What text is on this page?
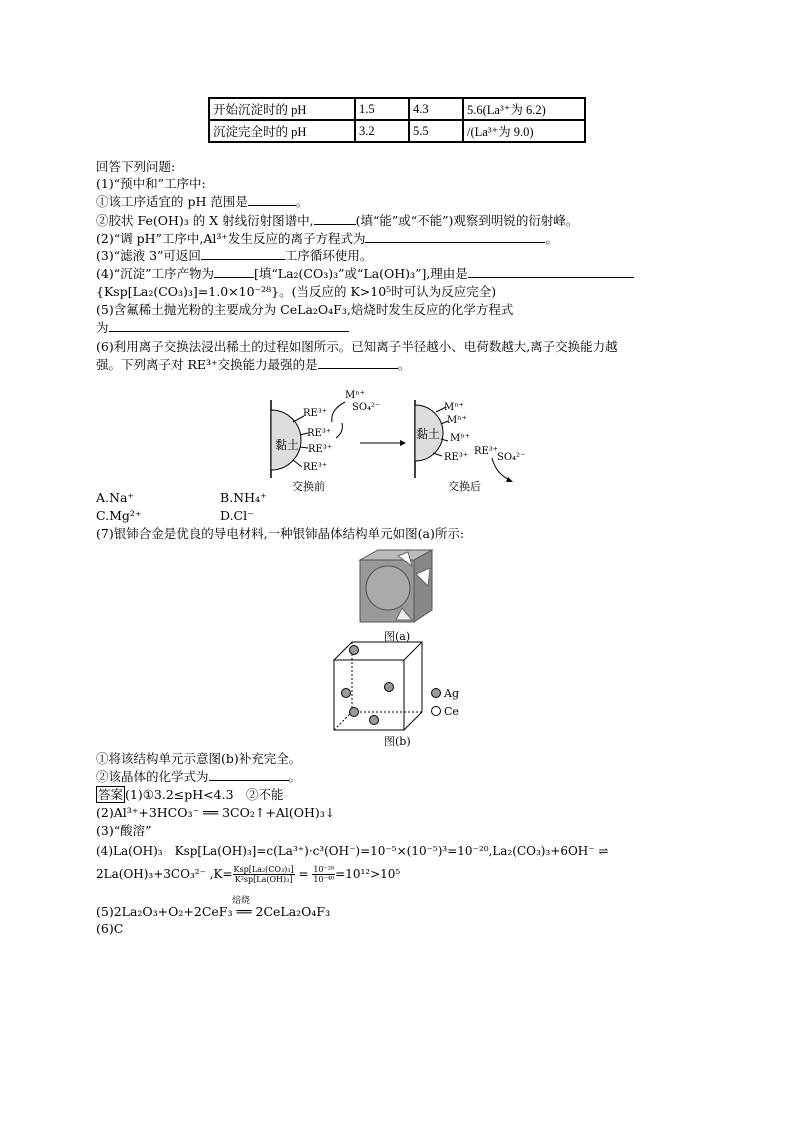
开始沉淀时的 pH	1.5	4.3	5.6(La³⁺为 6.2)
沉淀完全时的 pH	3.2	5.5	/(La³⁺为 9.0)
回答下列问题:
(1)“预中和”工序中:
①该工序适宜的 pH 范围是	。
②胶状 Fe(OH)₃ 的 X 射线衍射图谱中,	(填“能”或“不能”)观察到明锐的衍射峰。
(2)“调 pH”工序中,Al³⁺发生反应的离子方程式为	。
(3)“滤液 3”可返回	工序循环使用。
(4)“沉淀”工序产物为	[填“La₂(CO₃)₃”或“La(OH)₃”],理由是
{Ksp[La₂(CO₃)₃]=1.0×10⁻²⁸}。(当反应的 K>10⁵时可认为反应完全)
(5)含氟稀土抛光粉的主要成分为 CeLa₂O₄F₃,焙烧时发生反应的化学方程式
为
(6)利用离子交换法浸出稀土的过程如图所示。已知离子半径越小、电荷数越大,离子交换能力越
强。下列离子对 RE³⁺交换能力最强的是	。
黏土
RE³⁺
RE³⁺
RE³⁺
RE³⁺
Mⁿ⁺
SO₄²⁻
交换前
黏土
Mⁿ⁺
Mⁿ⁺
Mⁿ⁺
RE³⁺
RE³⁺
SO₄²⁻
交换后
A.Na⁺	B.NH₄⁺
C.Mg²⁺	D.Cl⁻
(7)银铈合金是优良的导电材料,一种银铈晶体结构单元如图(a)所示:
图(a)
Ag
Ce
图(b)
①将该结构单元示意图(b)补充完全。
②该晶体的化学式为	。
答案 (1)①3.2≤pH<4.3　②不能
(2)Al³⁺+3HCO₃⁻ ══ 3CO₂↑+Al(OH)₃↓
(3)“酸溶”
(4)La(OH)₃　Ksp[La(OH)₃]=c(La³⁺)·c³(OH⁻)=10⁻⁵×(10⁻⁵)³=10⁻²⁰,La₂(CO₃)₃+6OH⁻ ⇌
2La(OH)₃+3CO₃²⁻ $,K= \frac{\text{Ksp[La₂(CO₃)₃]}}{\text{K²sp[La(OH)₃]}} = \frac{\text{10⁻²⁸}}{\text{10⁻⁴⁰}}=10^{12}>10^5$
焙烧
(5)2La₂O₃+O₂+2CeF₃ ══ 2CeLa₂O₄F₃
(6)C
